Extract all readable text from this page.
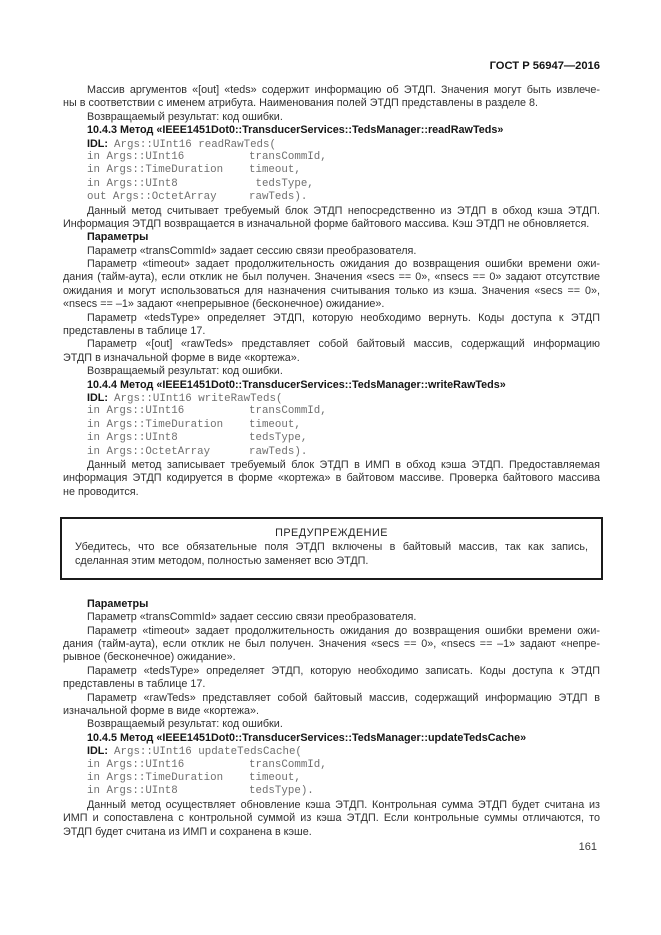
ГОСТ Р 56947—2016
Массив аргументов «[out] «teds» содержит информацию об ЭТДП. Значения могут быть извлече-
ны в соответствии с именем атрибута. Наименования полей ЭТДП представлены в разделе 8.
Возвращаемый результат: код ошибки.
10.4.3 Метод «IEEE1451Dot0::TransducerServices::TedsManager::readRawTeds»
IDL: Args::UInt16 readRawTeds(
in Args::UInt16          transCommId,
in Args::TimeDuration    timeout,
in Args::UInt8            tedsType,
out Args::OctetArray     rawTeds).
Данный метод считывает требуемый блок ЭТДП непосредственно из ЭТДП в обход кэша ЭТДП.
Информация ЭТДП возвращается в изначальной форме байтового массива. Кэш ЭТДП не обновляется.
Параметры
Параметр «transCommId» задает сессию связи преобразователя.
Параметр «timeout» задает продолжительность ожидания до возвращения ошибки времени ожи-
дания (тайм-аута), если отклик не был получен. Значения «secs == 0», «nsecs == 0» задают отсутствие
ожидания и могут использоваться для назначения считывания только из кэша. Значения «secs == 0»,
«nsecs == –1» задают «непрерывное (бесконечное) ожидание».
Параметр «tedsType» определяет ЭТДП, которую необходимо вернуть. Коды доступа к ЭТДП
представлены в таблице 17.
Параметр «[out] «rawTeds» представляет собой байтовый массив, содержащий информацию
ЭТДП в изначальной форме в виде «кортежа».
Возвращаемый результат: код ошибки.
10.4.4 Метод «IEEE1451Dot0::TransducerServices::TedsManager::writeRawTeds»
IDL: Args::UInt16 writeRawTeds(
in Args::UInt16          transCommId,
in Args::TimeDuration    timeout,
in Args::UInt8           tedsType,
in Args::OctetArray      rawTeds).
Данный метод записывает требуемый блок ЭТДП в ИМП в обход кэша ЭТДП. Предоставляемая
информация ЭТДП кодируется в форме «кортежа» в байтовом массиве. Проверка байтового массива
не проводится.
ПРЕДУПРЕЖДЕНИЕ
Убедитесь, что все обязательные поля ЭТДП включены в байтовый массив, так как запись,
сделанная этим методом, полностью заменяет всю ЭТДП.
Параметры
Параметр «transCommId» задает сессию связи преобразователя.
Параметр «timeout» задает продолжительность ожидания до возвращения ошибки времени ожи-
дания (тайм-аута), если отклик не был получен. Значения «secs == 0», «nsecs == –1» задают «непре-
рывное (бесконечное) ожидание».
Параметр «tedsType» определяет ЭТДП, которую необходимо записать. Коды доступа к ЭТДП
представлены в таблице 17.
Параметр «rawTeds» представляет собой байтовый массив, содержащий информацию ЭТДП в
изначальной форме в виде «кортежа».
Возвращаемый результат: код ошибки.
10.4.5 Метод «IEEE1451Dot0::TransducerServices::TedsManager::updateTedsCache»
IDL: Args::UInt16 updateTedsCache(
in Args::UInt16          transCommId,
in Args::TimeDuration    timeout,
in Args::UInt8           tedsType).
Данный метод осуществляет обновление кэша ЭТДП. Контрольная сумма ЭТДП будет считана из
ИМП и сопоставлена с контрольной суммой из кэша ЭТДП. Если контрольные суммы отличаются, то
ЭТДП будет считана из ИМП и сохранена в кэше.
161
